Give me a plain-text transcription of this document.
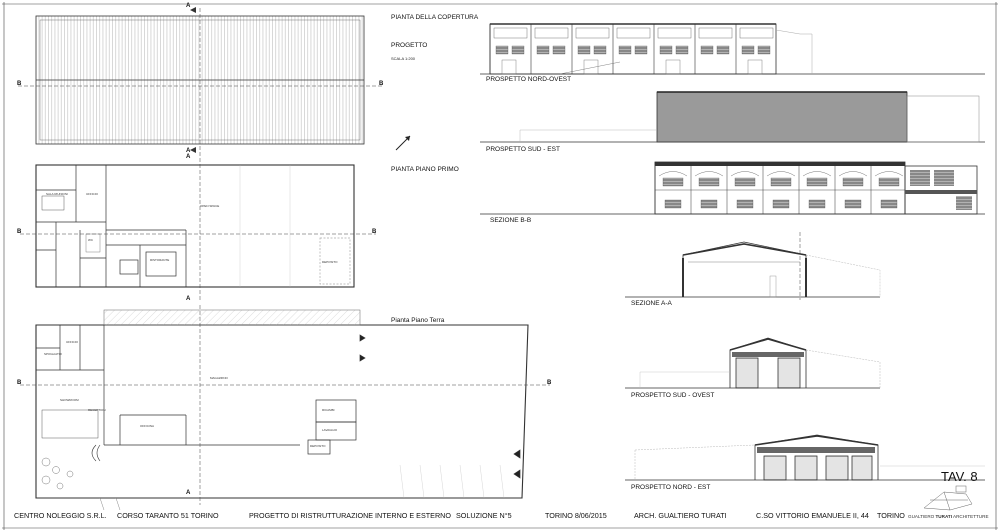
B	B
A
A
B	B
A
A
B	B
A
PIANTA DELLA COPERTURA
PROGETTO
SCALA 1:200
PIANTA PIANO PRIMO
Pianta Piano Terra
SALA RIUNIONI
OPEN SPACE
UFFICIO
WC
RISTORANTE	DEPOSITO
MAGAZZINO
SPOGLIATOI
UFFICIO
SHOWROOM
OFFICINA
RECEPTION	RICAMBI
LAVAGGIO
DEPOSITO
PROSPETTO NORD-OVEST
PROSPETTO SUD - EST
SEZIONE B-B
SEZIONE A-A
PROSPETTO SUD - OVEST
PROSPETTO NORD - EST
TAV. 8
GUALTIERO TURATI ARCHITETTURE
CENTRO NOLEGGIO S.R.L. CORSO TARANTO 51 TORINO	PROGETTO DI RISTRUTTURAZIONE INTERNO E ESTERNO SOLUZIONE N°5	TORINO 8/06/2015	ARCH. GUALTIERO TURATI	C.SO VITTORIO EMANUELE II, 44 TORINO
